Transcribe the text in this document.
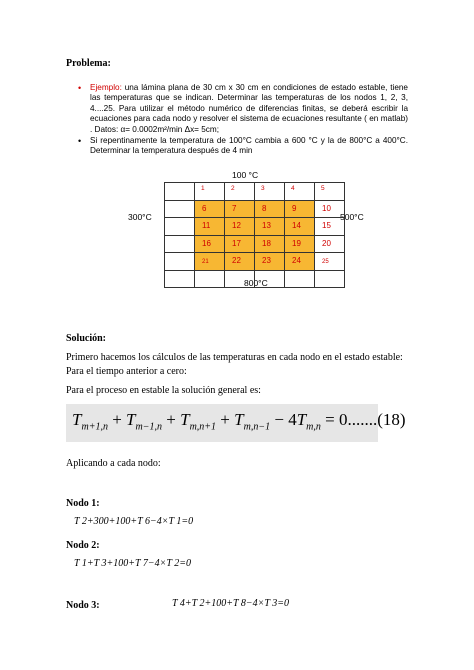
Problema:
• Ejemplo: una lámina plana de 30 cm x 30 cm en condiciones de estado estable, tiene las temperaturas que se indican. Determinar las temperaturas de los nodos 1, 2, 3, 4....25. Para utilizar el método numérico de diferencias finitas, se deberá escribir la ecuaciones para cada nodo y resolver el sistema de ecuaciones resultante ( en matlab) . Datos: α= 0.0002m²/min Δx= 5cm;
• Si repentinamente la temperatura de 100°C cambia a 600 °C y la de 800°C a 400°C. Determinar la temperatura después de 4 min
100 °C
300°C	500°C
800°C

	1	2	3	4	5

	6	7	8	9	10

	11	12	13	14	15

	16	17	18	19	20

	21	22	23	24	25

Solución:
Primero hacemos los cálculos de las temperaturas en cada nodo en el estado estable:
Para el tiempo anterior a cero:
Para el proceso en estable la solución general es:
$T_{m+1,n} + T_{m-1,n} + T_{m,n+1} + T_{m,n-1} - 4T_{m,n} = 0.......(18)$
Aplicando a cada nodo:
Nodo 1:
T 2+300+100+T 6−4×T 1=0
Nodo 2:
T 1+T 3+100+T 7−4×T 2=0
Nodo 3:	T 4+T 2+100+T 8−4×T 3=0
